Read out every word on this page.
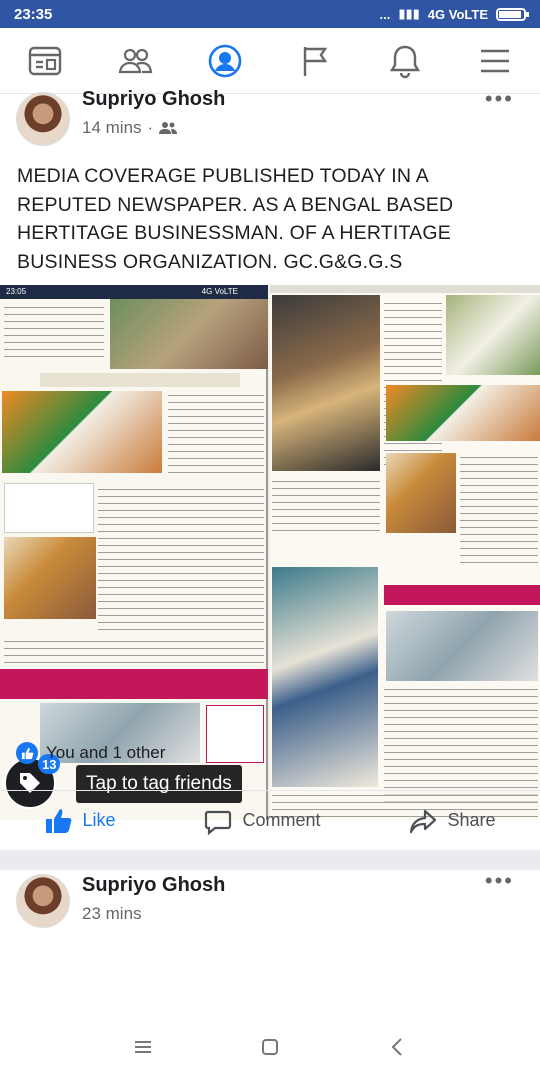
23:35	... ▮▮▮ 4G VoLTE
Supriyo Ghosh
14 mins ·
•••
MEDIA COVERAGE PUBLISHED TODAY IN A REPUTED NEWSPAPER. AS A BENGAL BASED HERTITAGE BUSINESSMAN. OF A HERTITAGE BUSINESS ORGANIZATION. GC.G&G.G.S
23:05	4G VoLTE
13
Tap to tag friends
You and 1 other
Like	Comment	Share
Supriyo Ghosh
23 mins
•••
